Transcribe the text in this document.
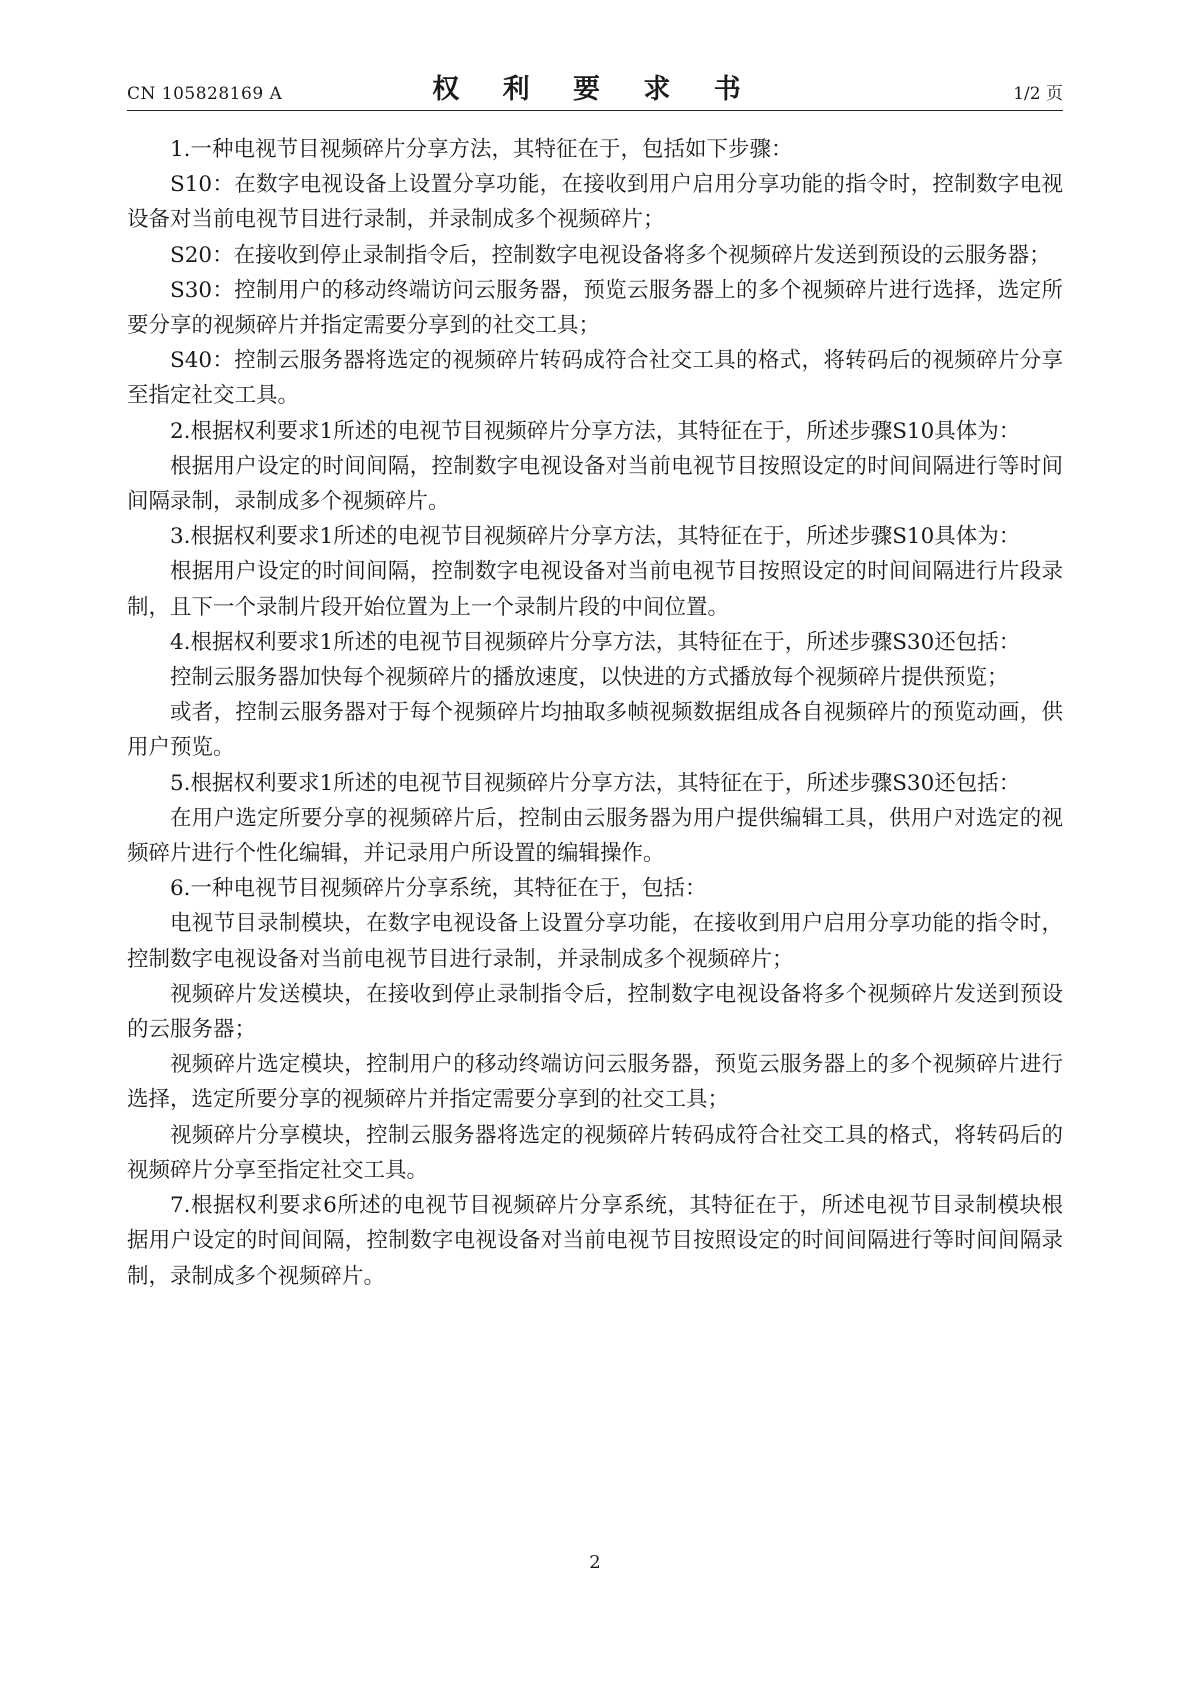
CN 105828169 A	权 利 要 求 书	1/2 页

1.一种电视节目视频碎片分享方法，其特征在于，包括如下步骤：

S10：在数字电视设备上设置分享功能，在接收到用户启用分享功能的指令时，控制数字电视设备对当前电视节目进行录制，并录制成多个视频碎片；

S20：在接收到停止录制指令后，控制数字电视设备将多个视频碎片发送到预设的云服务器；

S30：控制用户的移动终端访问云服务器，预览云服务器上的多个视频碎片进行选择，选定所要分享的视频碎片并指定需要分享到的社交工具；

S40：控制云服务器将选定的视频碎片转码成符合社交工具的格式，将转码后的视频碎片分享至指定社交工具。

2.根据权利要求1所述的电视节目视频碎片分享方法，其特征在于，所述步骤S10具体为：

根据用户设定的时间间隔，控制数字电视设备对当前电视节目按照设定的时间间隔进行等时间间隔录制，录制成多个视频碎片。

3.根据权利要求1所述的电视节目视频碎片分享方法，其特征在于，所述步骤S10具体为：

根据用户设定的时间间隔，控制数字电视设备对当前电视节目按照设定的时间间隔进行片段录制，且下一个录制片段开始位置为上一个录制片段的中间位置。

4.根据权利要求1所述的电视节目视频碎片分享方法，其特征在于，所述步骤S30还包括：

控制云服务器加快每个视频碎片的播放速度，以快进的方式播放每个视频碎片提供预览；

或者，控制云服务器对于每个视频碎片均抽取多帧视频数据组成各自视频碎片的预览动画，供用户预览。

5.根据权利要求1所述的电视节目视频碎片分享方法，其特征在于，所述步骤S30还包括：

在用户选定所要分享的视频碎片后，控制由云服务器为用户提供编辑工具，供用户对选定的视频碎片进行个性化编辑，并记录用户所设置的编辑操作。

6.一种电视节目视频碎片分享系统，其特征在于，包括：

电视节目录制模块，在数字电视设备上设置分享功能，在接收到用户启用分享功能的指令时，控制数字电视设备对当前电视节目进行录制，并录制成多个视频碎片；

视频碎片发送模块，在接收到停止录制指令后，控制数字电视设备将多个视频碎片发送到预设的云服务器；

视频碎片选定模块，控制用户的移动终端访问云服务器，预览云服务器上的多个视频碎片进行选择，选定所要分享的视频碎片并指定需要分享到的社交工具；

视频碎片分享模块，控制云服务器将选定的视频碎片转码成符合社交工具的格式，将转码后的视频碎片分享至指定社交工具。

7.根据权利要求6所述的电视节目视频碎片分享系统，其特征在于，所述电视节目录制模块根据用户设定的时间间隔，控制数字电视设备对当前电视节目按照设定的时间间隔进行等时间间隔录制，录制成多个视频碎片。

2
